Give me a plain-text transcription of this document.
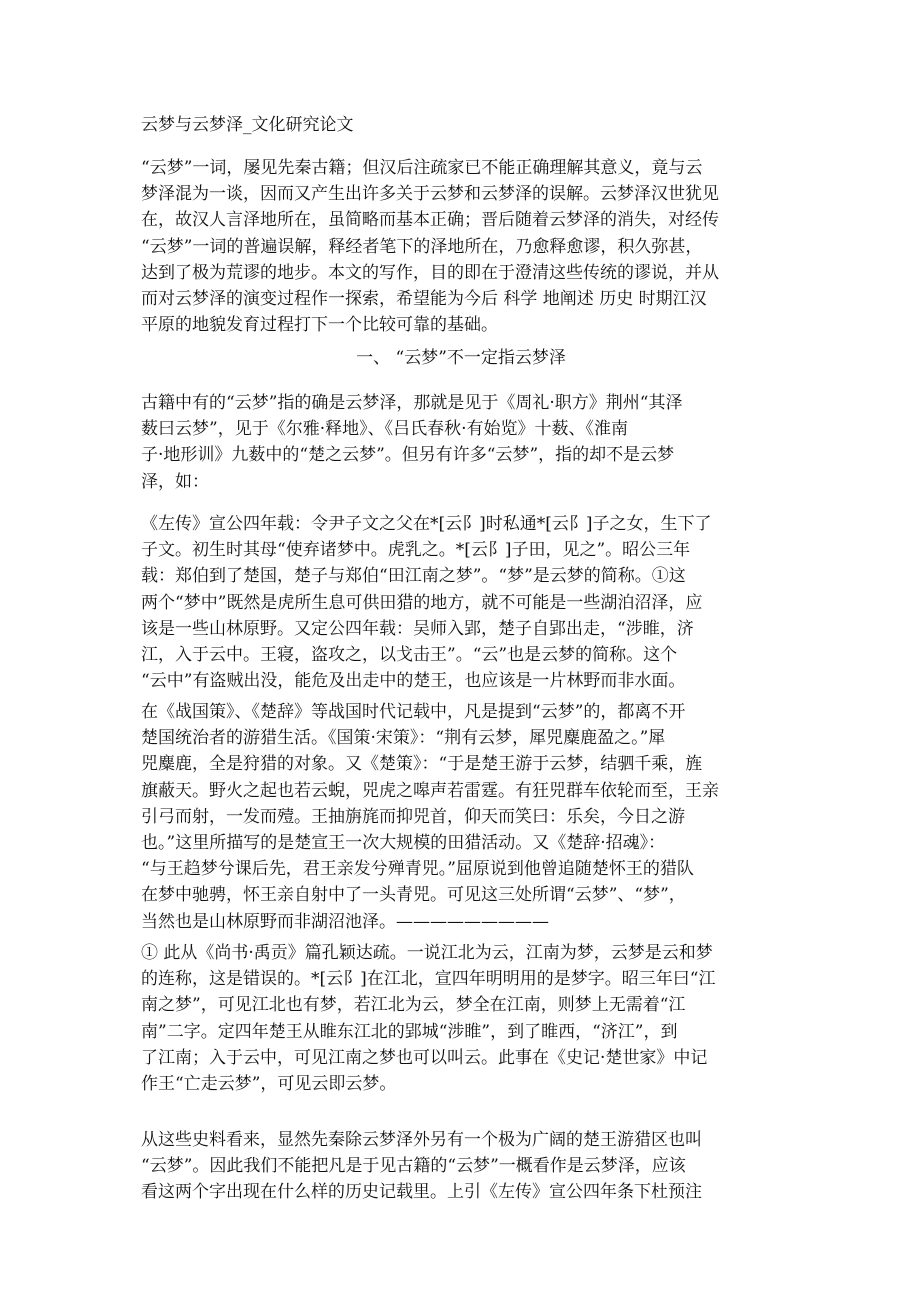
云梦与云梦泽_文化研究论文

“云梦”一词，屡见先秦古籍；但汉后注疏家已不能正确理解其意义，竟与云
梦泽混为一谈，因而又产生出许多关于云梦和云梦泽的误解。云梦泽汉世犹见
在，故汉人言泽地所在，虽简略而基本正确；晋后随着云梦泽的消失，对经传
“云梦”一词的普遍误解，释经者笔下的泽地所在，乃愈释愈谬，积久弥甚，
达到了极为荒谬的地步。本文的写作，目的即在于澄清这些传统的谬说，并从
而对云梦泽的演变过程作一探索，希望能为今后 科学 地阐述 历史 时期江汉
平原的地貌发育过程打下一个比较可靠的基础。

一、 “云梦”不一定指云梦泽

古籍中有的“云梦”指的确是云梦泽，那就是见于《周礼·职方》荆州“其泽
薮曰云梦”，见于《尔雅·释地》、《吕氏春秋·有始览》十薮、《淮南
子·地形训》九薮中的“楚之云梦”。但另有许多“云梦”，指的却不是云梦
泽，如：

《左传》宣公四年载：令尹子文之父在*[云阝]时私通*[云阝]子之女，生下了
子文。初生时其母“使弃诸梦中。虎乳之。*[云阝]子田，见之”。昭公三年
载：郑伯到了楚国，楚子与郑伯“田江南之梦”。“梦”是云梦的简称。①这
两个“梦中”既然是虎所生息可供田猎的地方，就不可能是一些湖泊沼泽，应
该是一些山林原野。又定公四年载：吴师入郢，楚子自郢出走，“涉睢，济
江，入于云中。王寝，盗攻之，以戈击王”。“云”也是云梦的简称。这个
“云中”有盗贼出没，能危及出走中的楚王，也应该是一片林野而非水面。

在《战国策》、《楚辞》等战国时代记载中，凡是提到“云梦”的，都离不开
楚国统治者的游猎生活。《国策·宋策》：“荆有云梦，犀兕麋鹿盈之。”犀
兕麋鹿，全是狩猎的对象。又《楚策》：“于是楚王游于云梦，结驷千乘，旌
旗蔽天。野火之起也若云蜺，兕虎之嗥声若雷霆。有狂兕群车依轮而至，王亲
引弓而射，一发而殪。王抽旃旄而抑兕首，仰天而笑曰：乐矣，今日之游
也。”这里所描写的是楚宣王一次大规模的田猎活动。又《楚辞·招魂》：
“与王趋梦兮课后先，君王亲发兮殚青兕。”屈原说到他曾追随楚怀王的猎队
在梦中驰骋，怀王亲自射中了一头青兕。可见这三处所谓“云梦”、“梦”，
当然也是山林原野而非湖沼池泽。—————————

① 此从《尚书·禹贡》篇孔颖达疏。一说江北为云，江南为梦，云梦是云和梦
的连称，这是错误的。*[云阝]在江北，宣四年明明用的是梦字。昭三年曰“江
南之梦”，可见江北也有梦，若江北为云，梦全在江南，则梦上无需着“江
南”二字。定四年楚王从睢东江北的郢城“涉睢”，到了睢西，“济江”，到
了江南；入于云中，可见江南之梦也可以叫云。此事在《史记·楚世家》中记
作王“亡走云梦”，可见云即云梦。

从这些史料看来，显然先秦除云梦泽外另有一个极为广阔的楚王游猎区也叫
“云梦”。因此我们不能把凡是于见古籍的“云梦”一概看作是云梦泽，应该
看这两个字出现在什么样的历史记载里。上引《左传》宣公四年条下杜预注
